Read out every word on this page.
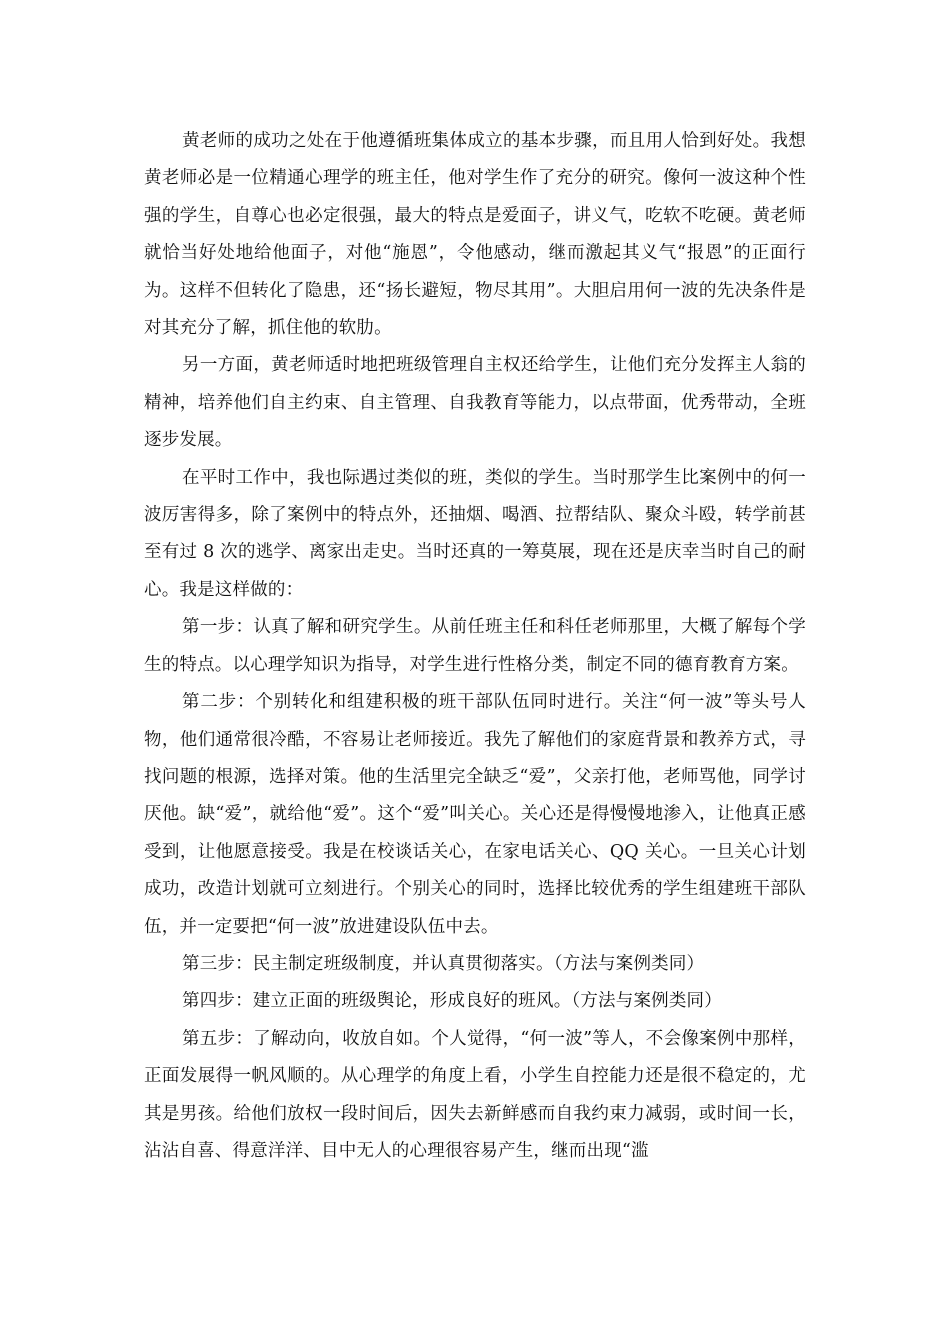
黄老师的成功之处在于他遵循班集体成立的基本步骤，而且用人恰到好处。我想黄老师必是一位精通心理学的班主任，他对学生作了充分的研究。像何一波这种个性强的学生，自尊心也必定很强，最大的特点是爱面子，讲义气，吃软不吃硬。黄老师就恰当好处地给他面子，对他“施恩”，令他感动，继而激起其义气“报恩”的正面行为。这样不但转化了隐患，还“扬长避短，物尽其用”。大胆启用何一波的先决条件是对其充分了解，抓住他的软肋。

另一方面，黄老师适时地把班级管理自主权还给学生，让他们充分发挥主人翁的精神，培养他们自主约束、自主管理、自我教育等能力，以点带面，优秀带动，全班逐步发展。

在平时工作中，我也际遇过类似的班，类似的学生。当时那学生比案例中的何一波厉害得多，除了案例中的特点外，还抽烟、喝酒、拉帮结队、聚众斗殴，转学前甚至有过 8 次的逃学、离家出走史。当时还真的一筹莫展，现在还是庆幸当时自己的耐心。我是这样做的：

第一步：认真了解和研究学生。从前任班主任和科任老师那里，大概了解每个学生的特点。以心理学知识为指导，对学生进行性格分类，制定不同的德育教育方案。

第二步：个别转化和组建积极的班干部队伍同时进行。关注“何一波”等头号人物，他们通常很冷酷，不容易让老师接近。我先了解他们的家庭背景和教养方式，寻找问题的根源，选择对策。他的生活里完全缺乏“爱”，父亲打他，老师骂他，同学讨厌他。缺“爱”，就给他“爱”。这个“爱”叫关心。关心还是得慢慢地渗入，让他真正感受到，让他愿意接受。我是在校谈话关心，在家电话关心、QQ 关心。一旦关心计划成功，改造计划就可立刻进行。个别关心的同时，选择比较优秀的学生组建班干部队伍，并一定要把“何一波”放进建设队伍中去。

第三步：民主制定班级制度，并认真贯彻落实。（方法与案例类同）

第四步：建立正面的班级舆论，形成良好的班风。（方法与案例类同）

第五步：了解动向，收放自如。个人觉得，“何一波”等人，不会像案例中那样，正面发展得一帆风顺的。从心理学的角度上看，小学生自控能力还是很不稳定的，尤其是男孩。给他们放权一段时间后，因失去新鲜感而自我约束力减弱，或时间一长，沾沾自喜、得意洋洋、目中无人的心理很容易产生，继而出现“滥
